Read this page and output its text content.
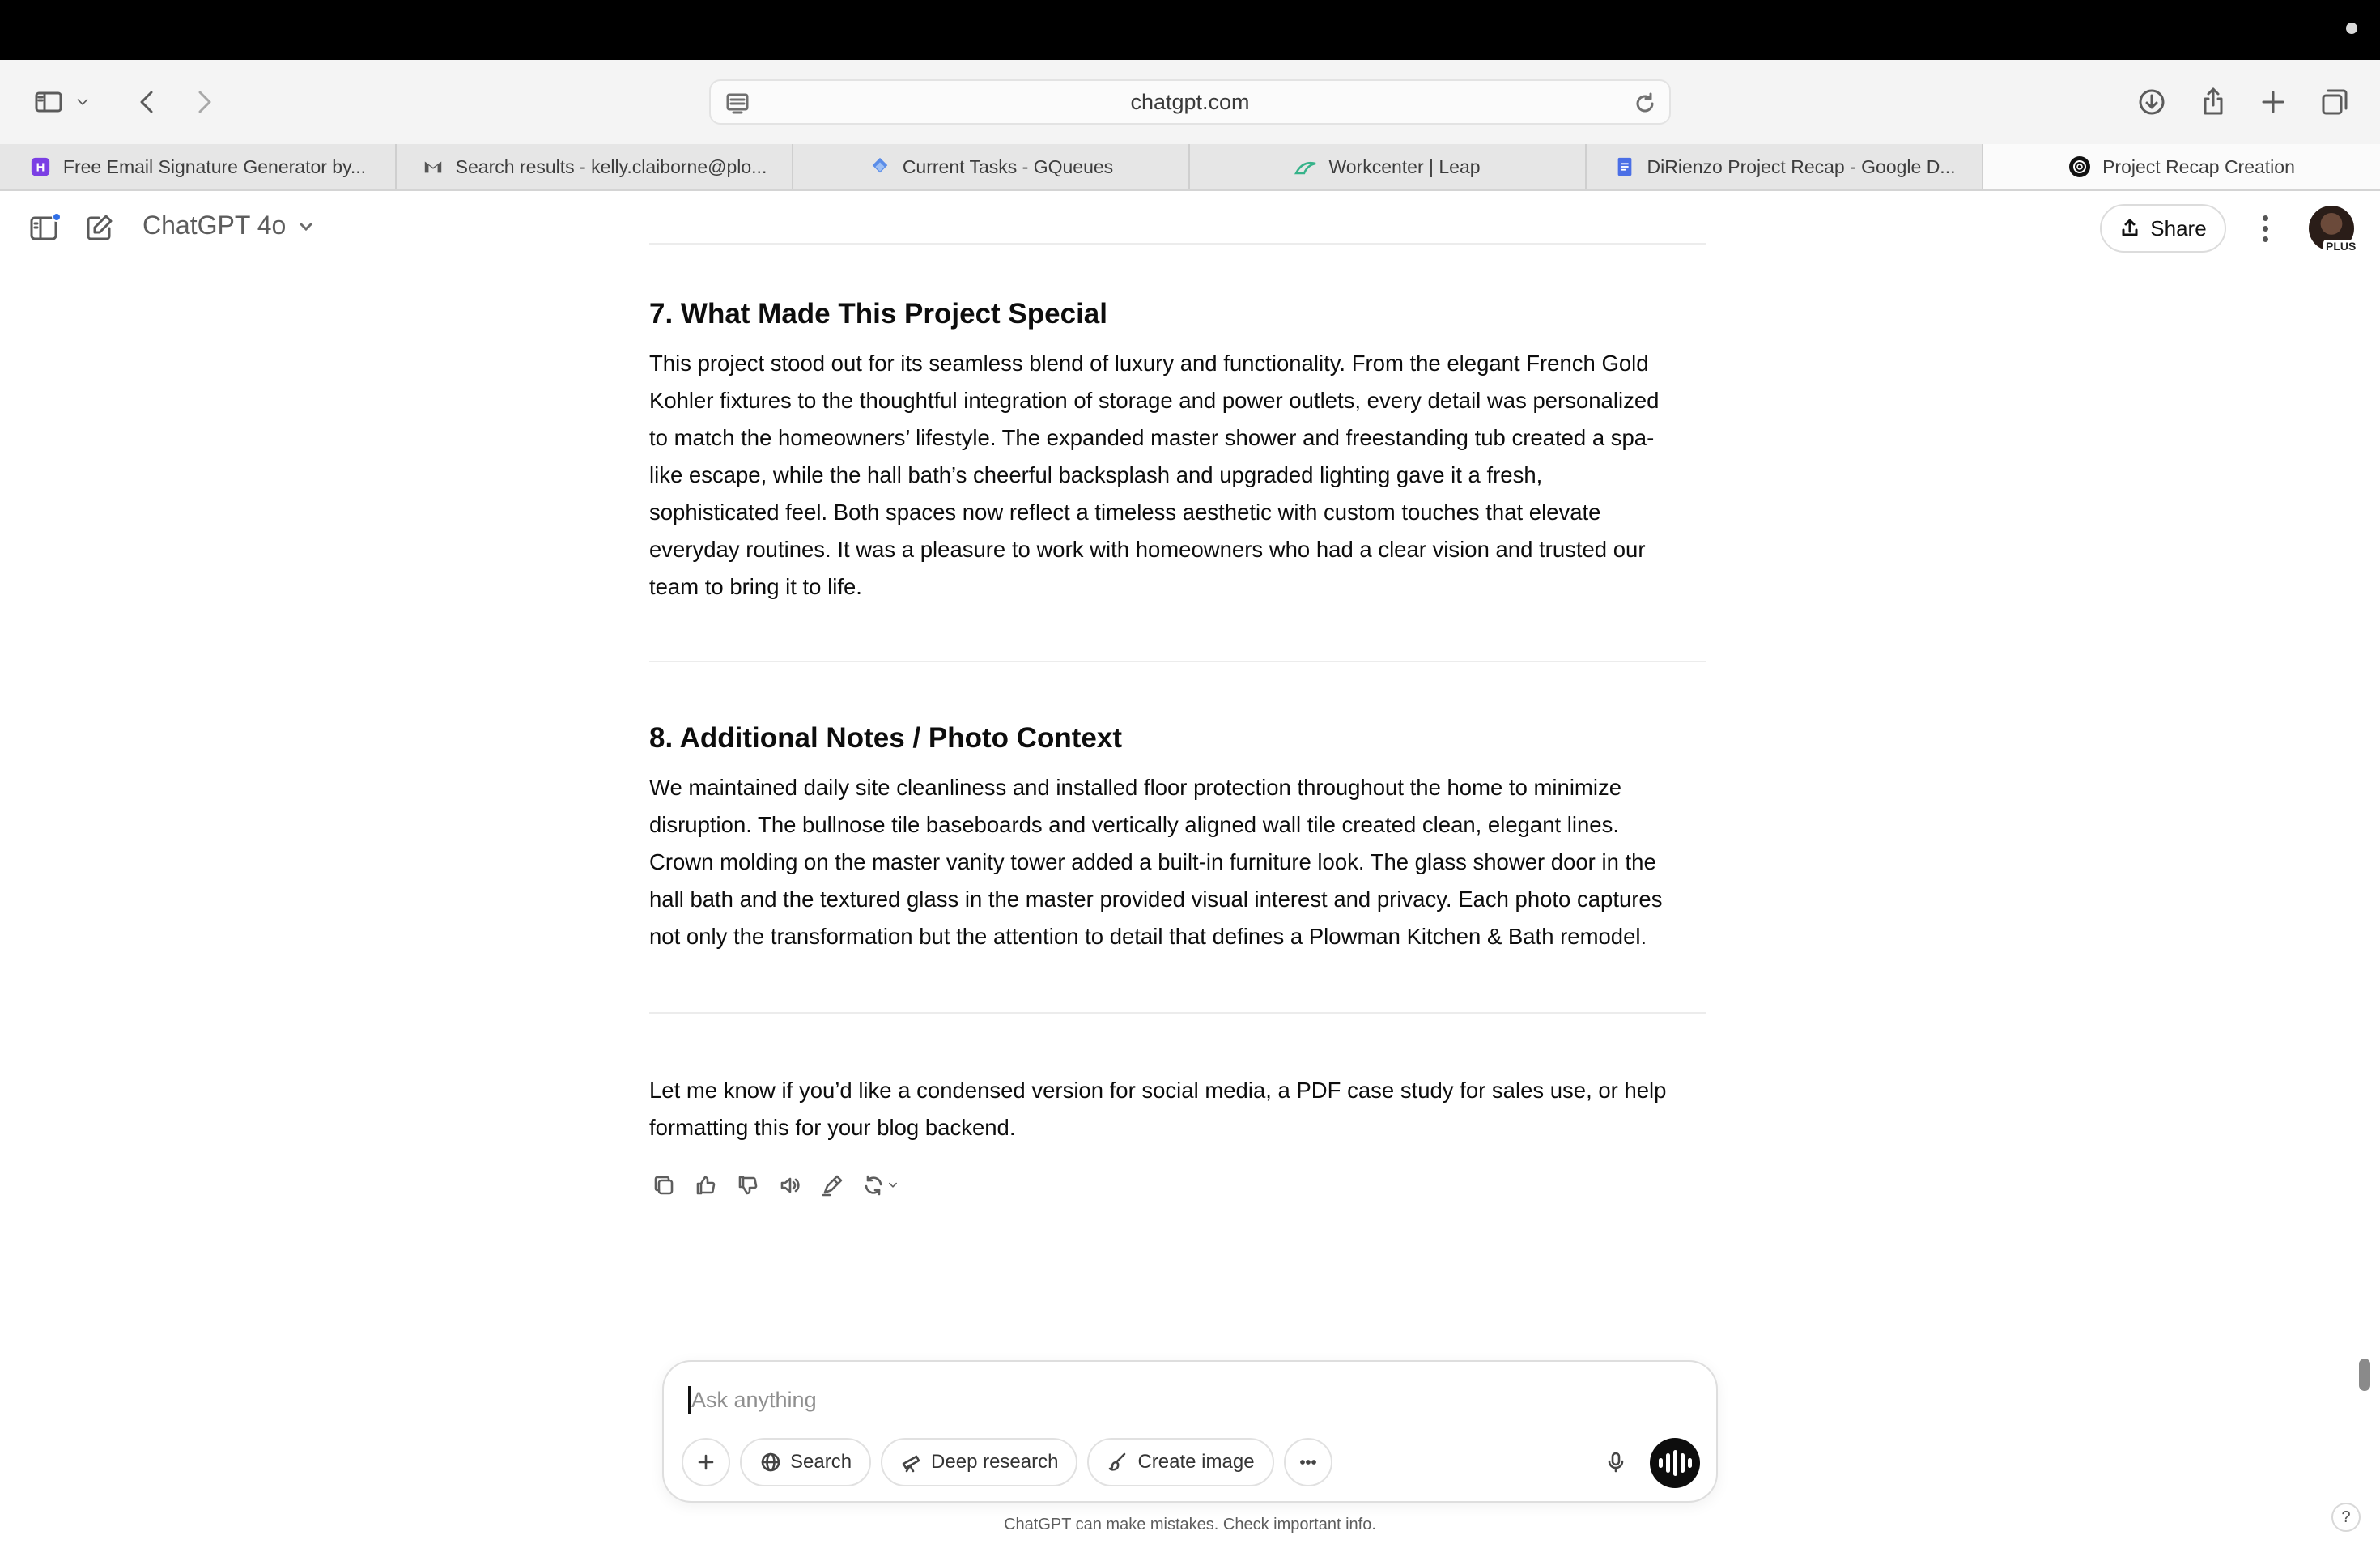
chatgpt.com
H Free Email Signature Generator by...	Search results - kelly.claiborne@plo...	Current Tasks - GQueues	Workcenter | Leap	DiRienzo Project Recap - Google D...	Project Recap Creation
ChatGPT 4o	Share
PLUS
7. What Made This Project Special
This project stood out for its seamless blend of luxury and functionality. From the elegant French Gold
Kohler fixtures to the thoughtful integration of storage and power outlets, every detail was personalized
to match the homeowners’ lifestyle. The expanded master shower and freestanding tub created a spa-
like escape, while the hall bath’s cheerful backsplash and upgraded lighting gave it a fresh,
sophisticated feel. Both spaces now reflect a timeless aesthetic with custom touches that elevate
everyday routines. It was a pleasure to work with homeowners who had a clear vision and trusted our
team to bring it to life.
8. Additional Notes / Photo Context
We maintained daily site cleanliness and installed floor protection throughout the home to minimize
disruption. The bullnose tile baseboards and vertically aligned wall tile created clean, elegant lines.
Crown molding on the master vanity tower added a built-in furniture look. The glass shower door in the
hall bath and the textured glass in the master provided visual interest and privacy. Each photo captures
not only the transformation but the attention to detail that defines a Plowman Kitchen & Bath remodel.
Let me know if you’d like a condensed version for social media, a PDF case study for sales use, or help
formatting this for your blog backend.
Ask anything
Search	Deep research	Create image
ChatGPT can make mistakes. Check important info.	?
